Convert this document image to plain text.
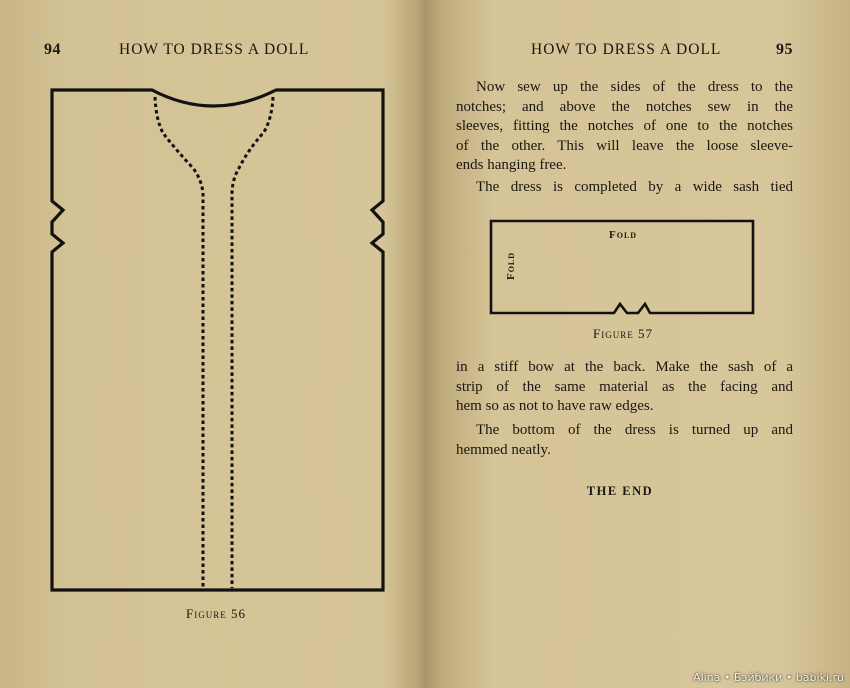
94	HOW TO DRESS A DOLL
Figure 56
HOW TO DRESS A DOLL	95
Now sew up the sides of the dress to the
notches; and above the notches sew in the
sleeves, fitting the notches of one to the notches
of the other. This will leave the loose sleeve-
ends hanging free.
The dress is completed by a wide sash tied
Fold
Fold
Figure 57
in a stiff bow at the back. Make the sash of a
strip of the same material as the facing and
hem so as not to have raw edges.
The bottom of the dress is turned up and
hemmed neatly.
THE END
Alina • Бэйбики • babiki.ru
